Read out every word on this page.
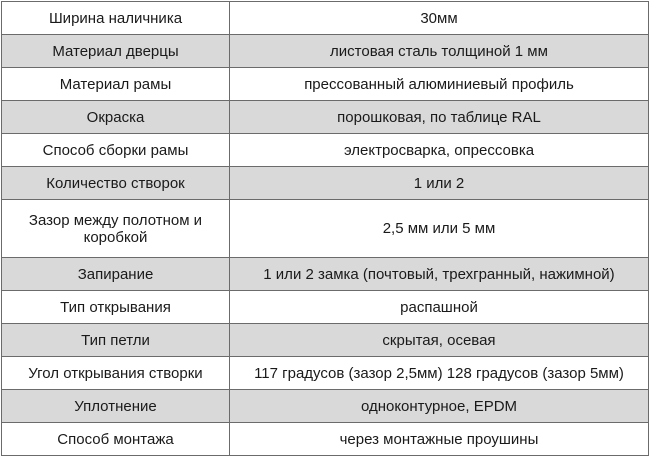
Ширина наличника	30мм
Материал дверцы	листовая сталь толщиной 1 мм
Материал рамы	прессованный алюминиевый профиль
Окраска	порошковая, по таблице RAL
Способ сборки рамы	электросварка, опрессовка
Количество створок	1 или 2
Зазор между полотном и коробкой	2,5 мм или 5 мм
Запирание	1 или 2 замка (почтовый, трехгранный, нажимной)
Тип открывания	распашной
Тип петли	скрытая, осевая
Угол открывания створки	117 градусов (зазор 2,5мм) 128 градусов (зазор 5мм)
Уплотнение	одноконтурное, EPDM
Способ монтажа	через монтажные проушины
